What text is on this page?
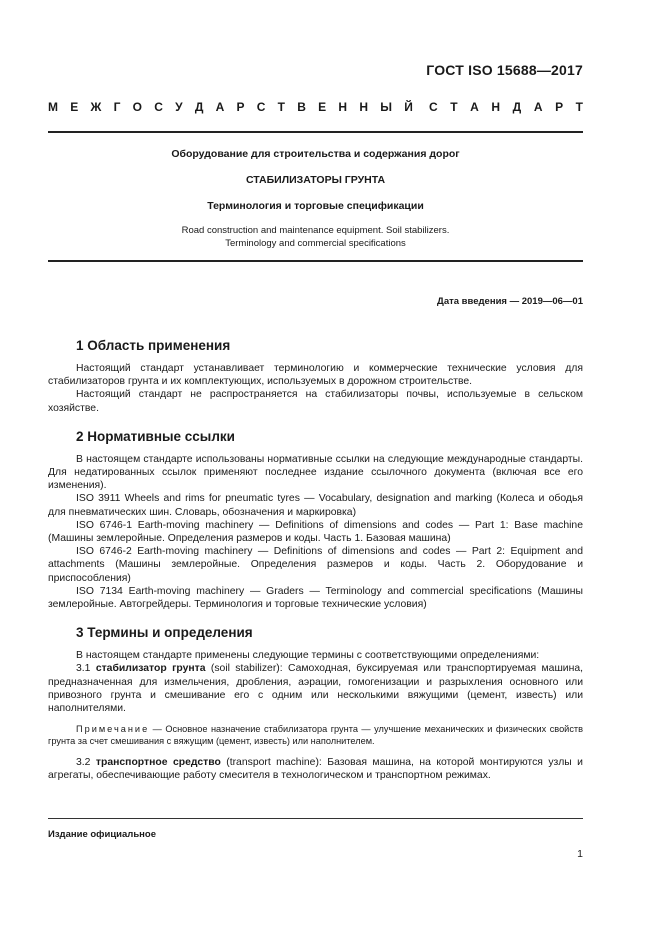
ГОСТ ISO 15688—2017
М Е Ж Г О С У Д А Р С Т В Е Н Н Ы Й С Т А Н Д А Р Т
Оборудование для строительства и содержания дорог
СТАБИЛИЗАТОРЫ ГРУНТА
Терминология и торговые спецификации
Road construction and maintenance equipment. Soil stabilizers.
Terminology and commercial specifications
Дата введения — 2019—06—01
1 Область применения

Настоящий стандарт устанавливает терминологию и коммерческие технические условия для стабилизаторов грунта и их комплектующих, используемых в дорожном строительстве.

Настоящий стандарт не распространяется на стабилизаторы почвы, используемые в сельском хозяйстве.

2 Нормативные ссылки

В настоящем стандарте использованы нормативные ссылки на следующие международные стандарты. Для недатированных ссылок применяют последнее издание ссылочного документа (включая все его изменения).

ISO 3911 Wheels and rims for pneumatic tyres — Vocabulary, designation and marking (Колеса и ободья для пневматических шин. Словарь, обозначения и маркировка)

ISO 6746-1 Earth-moving machinery — Definitions of dimensions and codes — Part 1: Base machine (Машины землеройные. Определения размеров и коды. Часть 1. Базовая машина)

ISO 6746-2 Earth-moving machinery — Definitions of dimensions and codes — Part 2: Equipment and attachments (Машины землеройные. Определения размеров и коды. Часть 2. Оборудование и приспособления)

ISO 7134 Earth-moving machinery — Graders — Terminology and commercial specifications (Машины землеройные. Автогрейдеры. Терминология и торговые технические условия)

3 Термины и определения

В настоящем стандарте применены следующие термины с соответствующими определениями:

3.1 стабилизатор грунта (soil stabilizer): Самоходная, буксируемая или транспортируемая машина, предназначенная для измельчения, дробления, аэрации, гомогенизации и разрыхления основного или привозного грунта и смешивание его с одним или несколькими вяжущими (цемент, известь) или наполнителями.

Примечание — Основное назначение стабилизатора грунта — улучшение механических и физических свойств грунта за счет смешивания с вяжущим (цемент, известь) или наполнителем.

3.2 транспортное средство (transport machine): Базовая машина, на которой монтируются узлы и агрегаты, обеспечивающие работу смесителя в технологическом и транспортном режимах.

Издание официальное
1
